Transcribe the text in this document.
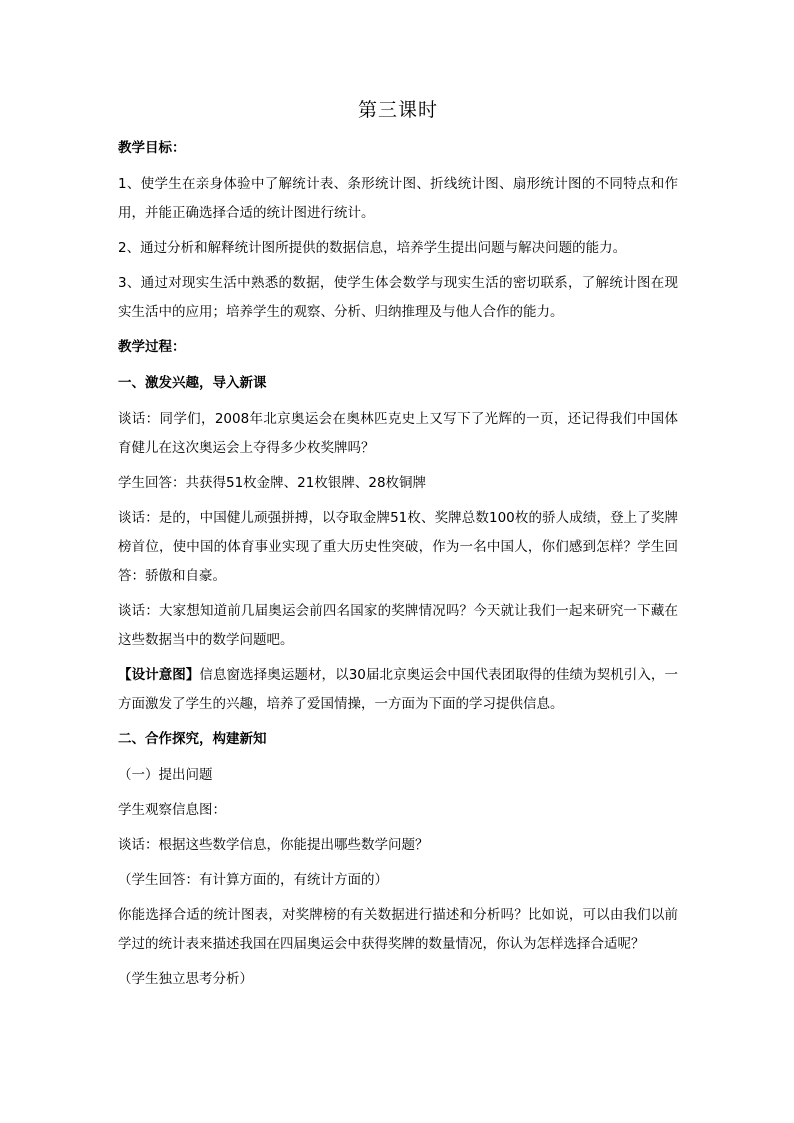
第三课时
教学目标：
1、使学生在亲身体验中了解统计表、条形统计图、折线统计图、扇形统计图的不同特点和作用，并能正确选择合适的统计图进行统计。
2、通过分析和解释统计图所提供的数据信息，培养学生提出问题与解决问题的能力。
3、通过对现实生活中熟悉的数据，使学生体会数学与现实生活的密切联系，了解统计图在现实生活中的应用；培养学生的观察、分析、归纳推理及与他人合作的能力。
教学过程：
一、激发兴趣，导入新课
谈话：同学们，2008年北京奥运会在奥林匹克史上又写下了光辉的一页，还记得我们中国体育健儿在这次奥运会上夺得多少枚奖牌吗？
学生回答：共获得51枚金牌、21枚银牌、28枚铜牌
谈话：是的，中国健儿顽强拼搏，以夺取金牌51枚、奖牌总数100枚的骄人成绩，登上了奖牌榜首位，使中国的体育事业实现了重大历史性突破，作为一名中国人，你们感到怎样？学生回答：骄傲和自豪。
谈话：大家想知道前几届奥运会前四名国家的奖牌情况吗？今天就让我们一起来研究一下藏在这些数据当中的数学问题吧。
【设计意图】信息窗选择奥运题材，以30届北京奥运会中国代表团取得的佳绩为契机引入，一方面激发了学生的兴趣，培养了爱国情操，一方面为下面的学习提供信息。
二、合作探究，构建新知
（一）提出问题
学生观察信息图：
谈话：根据这些数学信息，你能提出哪些数学问题？
（学生回答：有计算方面的，有统计方面的）
你能选择合适的统计图表，对奖牌榜的有关数据进行描述和分析吗？比如说，可以由我们以前学过的统计表来描述我国在四届奥运会中获得奖牌的数量情况，你认为怎样选择合适呢？
（学生独立思考分析）
